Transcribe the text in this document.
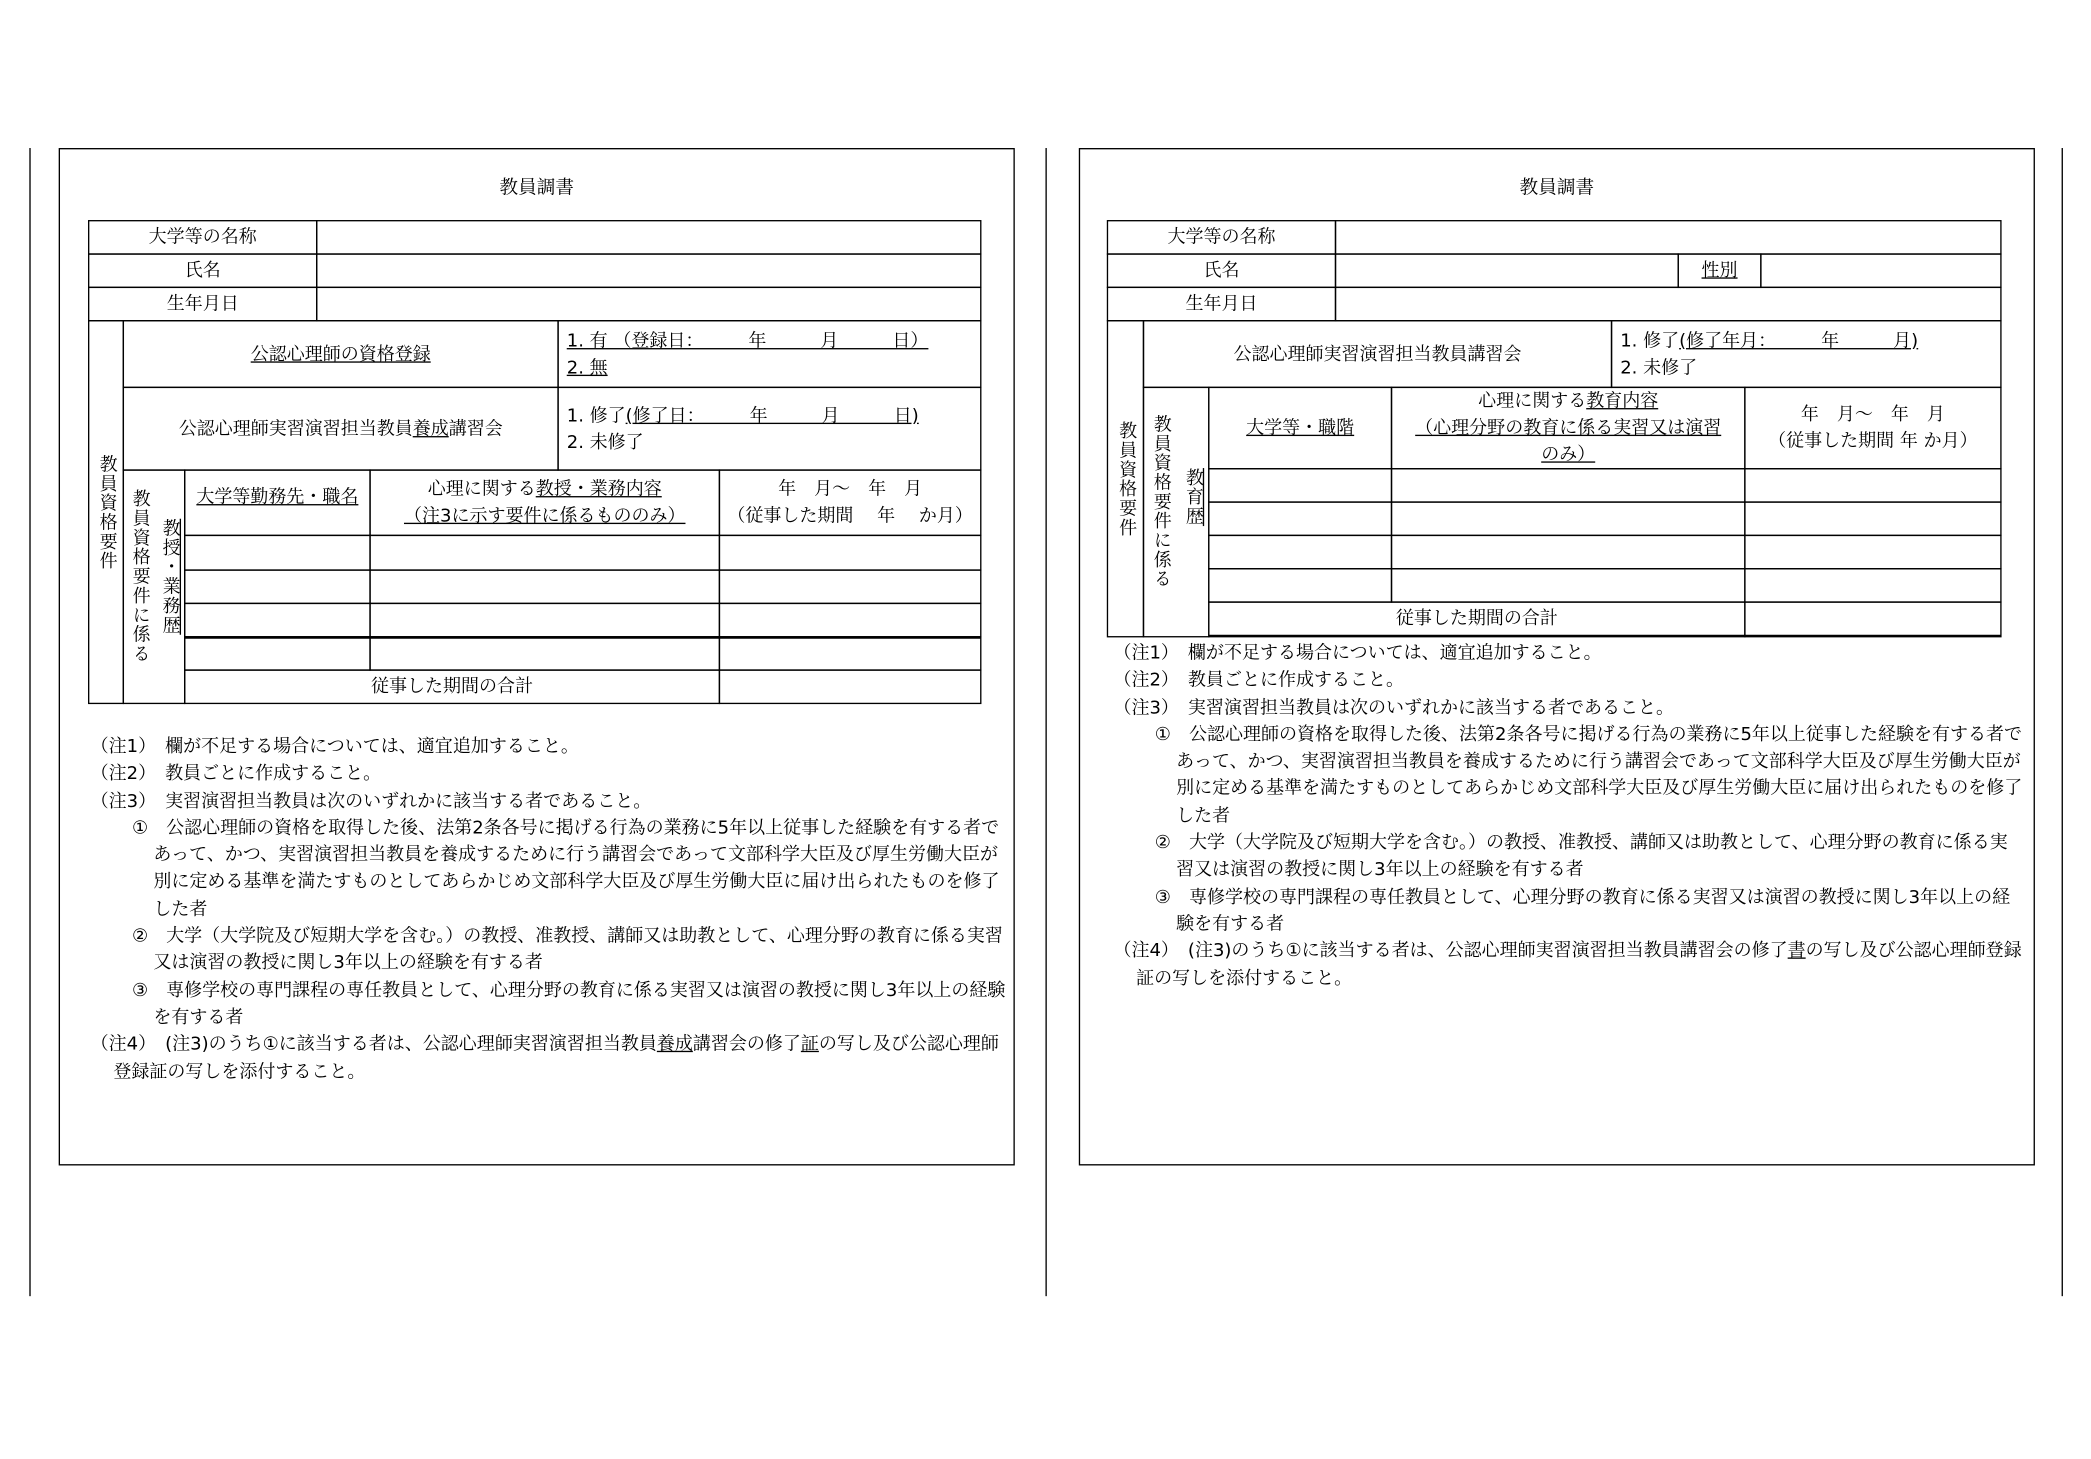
教員調書
大学等の名称
氏名
生年月日
教員資格要件
公認心理師の資格登録
1. 有 （登録日：　　　年　　　月　　　日）
2. 無
公認心理師実習演習担当教員養成講習会
1. 修了(修了日：　　　年　　　月　　　日)
2. 未修了
教員資格要件に係る 教授・業務歴
大学等勤務先・職名	心理に関する教授・業務内容
（注3に示す要件に係るもののみ）
年　月～　年　月
（従事した期間　 年　 か月）
従事した期間の合計
（注1）　欄が不足する場合については、適宜追加すること。
（注2）　教員ごとに作成すること。
（注3）　実習演習担当教員は次のいずれかに該当する者であること。
①　公認心理師の資格を取得した後、法第2条各号に掲げる行為の業務に5年以上従事した経験を有する者であって、かつ、実習演習担当教員を養成するために行う講習会であって文部科学大臣及び厚生労働大臣が別に定める基準を満たすものとしてあらかじめ文部科学大臣及び厚生労働大臣に届け出られたものを修了した者
②　大学（大学院及び短期大学を含む。）の教授、准教授、講師又は助教として、心理分野の教育に係る実習又は演習の教授に関し3年以上の経験を有する者
③　専修学校の専門課程の専任教員として、心理分野の教育に係る実習又は演習の教授に関し3年以上の経験を有する者
（注4）　(注3)のうち①に該当する者は、公認心理師実習演習担当教員養成講習会の修了証の写し及び公認心理師登録証の写しを添付すること。
教員調書
大学等の名称
氏名	性別
生年月日
教員資格要件
公認心理師実習演習担当教員講習会
1. 修了(修了年月：　　　年　　　月)
2. 未修了
教員資格要件に係る 教育歴
大学等・職階
心理に関する教育内容
（心理分野の教育に係る実習又は演習
のみ）
年　月～　年　月
（従事した期間 年 か月）
従事した期間の合計
（注1）　欄が不足する場合については、適宜追加すること。
（注2）　教員ごとに作成すること。
（注3）　実習演習担当教員は次のいずれかに該当する者であること。
①　公認心理師の資格を取得した後、法第2条各号に掲げる行為の業務に5年以上従事した経験を有する者であって、かつ、実習演習担当教員を養成するために行う講習会であって文部科学大臣及び厚生労働大臣が別に定める基準を満たすものとしてあらかじめ文部科学大臣及び厚生労働大臣に届け出られたものを修了した者
②　大学（大学院及び短期大学を含む。）の教授、准教授、講師又は助教として、心理分野の教育に係る実習又は演習の教授に関し3年以上の経験を有する者
③　専修学校の専門課程の専任教員として、心理分野の教育に係る実習又は演習の教授に関し3年以上の経験を有する者
（注4）　(注3)のうち①に該当する者は、公認心理師実習演習担当教員講習会の修了書の写し及び公認心理師登録証の写しを添付すること。
